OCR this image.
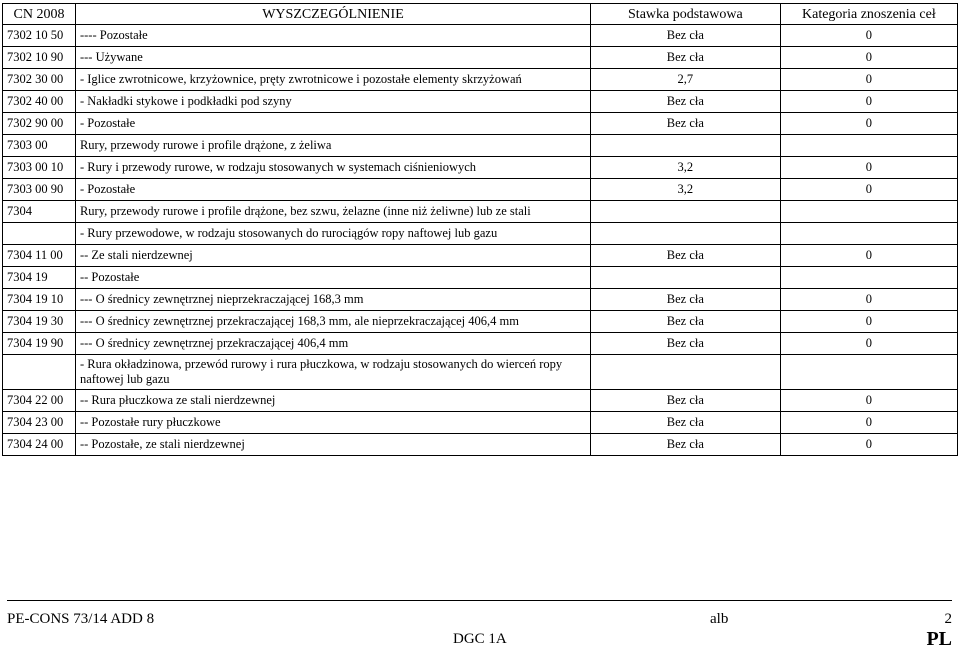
CN 2008	WYSZCZEGÓLNIENIE	Stawka podstawowa	Kategoria znoszenia ceł
7302 10 50	---- Pozostałe	Bez cła	0
7302 10 90	--- Używane	Bez cła	0
7302 30 00	- Iglice zwrotnicowe, krzyżownice, pręty zwrotnicowe i pozostałe elementy skrzyżowań	2,7	0
7302 40 00	- Nakładki stykowe i podkładki pod szyny	Bez cła	0
7302 90 00	- Pozostałe	Bez cła	0
7303 00	Rury, przewody rurowe i profile drążone, z żeliwa		
7303 00 10	- Rury i przewody rurowe, w rodzaju stosowanych w systemach ciśnieniowych	3,2	0
7303 00 90	- Pozostałe	3,2	0
7304	Rury, przewody rurowe i profile drążone, bez szwu, żelazne (inne niż żeliwne) lub ze stali		
	- Rury przewodowe, w rodzaju stosowanych do rurociągów ropy naftowej lub gazu		
7304 11 00	-- Ze stali nierdzewnej	Bez cła	0
7304 19	-- Pozostałe		
7304 19 10	--- O średnicy zewnętrznej nieprzekraczającej 168,3 mm	Bez cła	0
7304 19 30	--- O średnicy zewnętrznej przekraczającej 168,3 mm, ale nieprzekraczającej 406,4 mm	Bez cła	0
7304 19 90	--- O średnicy zewnętrznej przekraczającej 406,4 mm	Bez cła	0
	- Rura okładzinowa, przewód rurowy i rura płuczkowa, w rodzaju stosowanych do wierceń ropy naftowej lub gazu		
7304 22 00	-- Rura płuczkowa ze stali nierdzewnej	Bez cła	0
7304 23 00	-- Pozostałe rury płuczkowe	Bez cła	0
7304 24 00	-- Pozostałe, ze stali nierdzewnej	Bez cła	0
PE-CONS 73/14 ADD 8	alb	2
DGC 1A	PL
